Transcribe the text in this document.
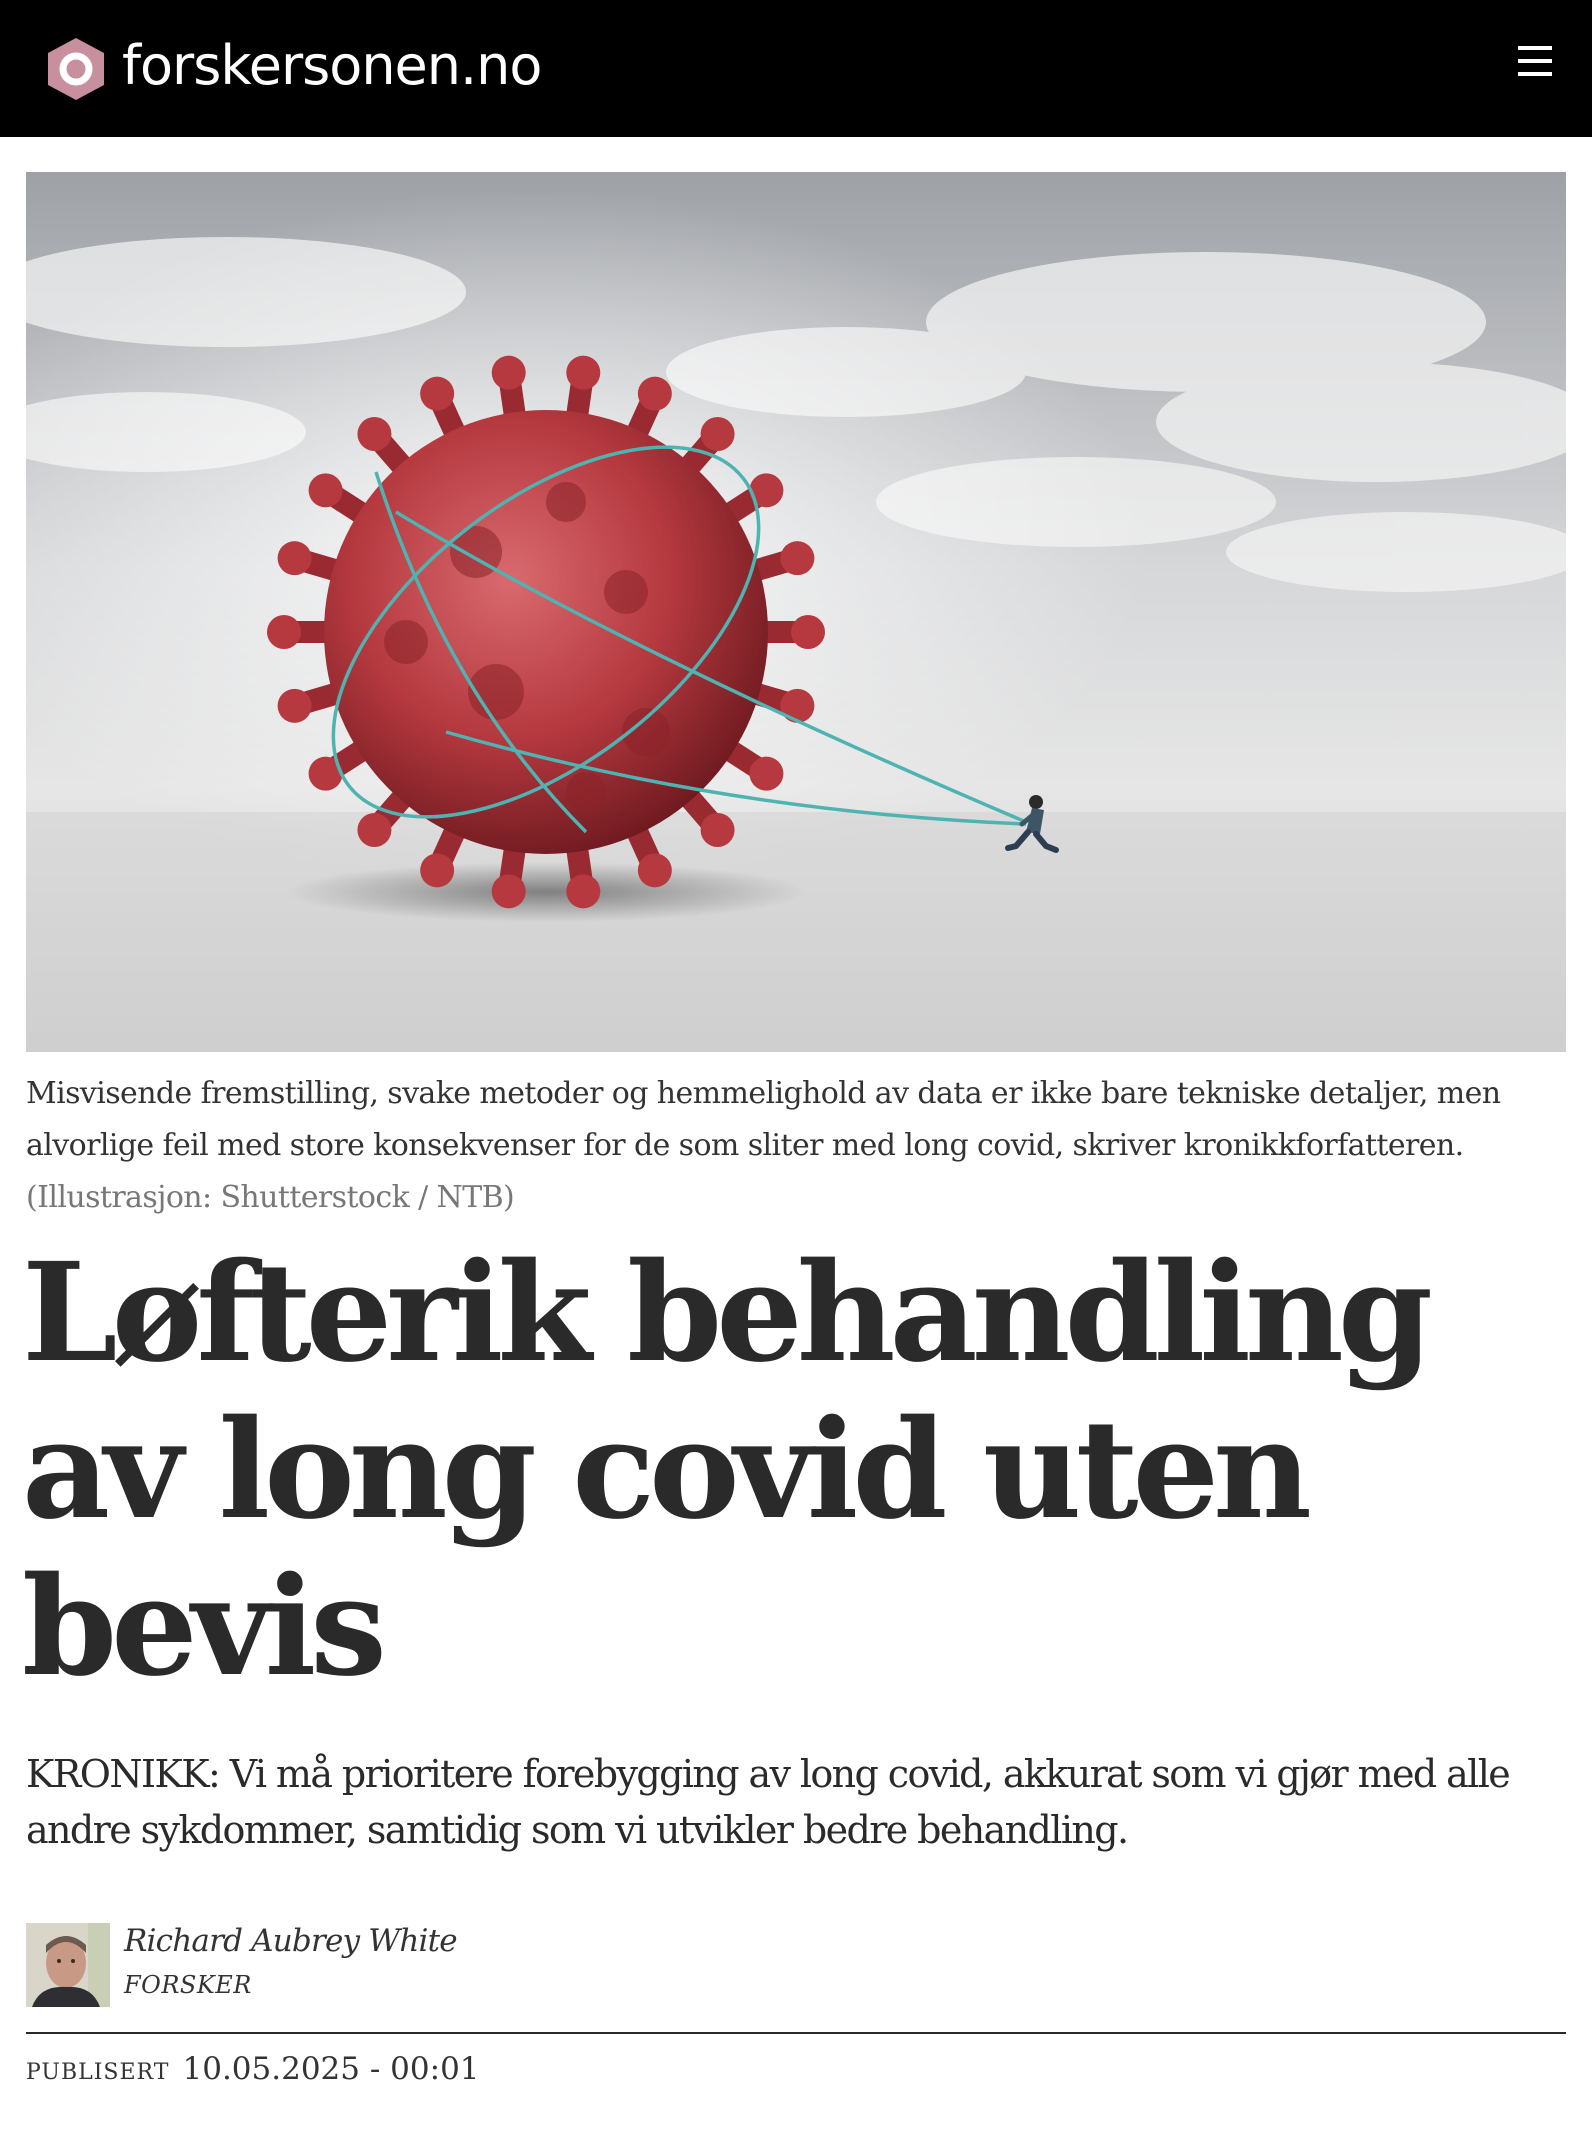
forskersonen.no
Misvisende fremstilling, svake metoder og hemmelighold av data er ikke bare tekniske detaljer, men alvorlige feil med store konsekvenser for de som sliter med long covid, skriver kronikkforfatteren.
(Illustrasjon: Shutterstock / NTB)
Løfterik behandling av long covid uten bevis

KRONIKK: Vi må prioritere forebygging av long covid, akkurat som vi gjør med alle andre sykdommer, samtidig som vi utvikler bedre behandling.

Richard Aubrey White
FORSKER
PUBLISERT 10.05.2025 - 00:01
